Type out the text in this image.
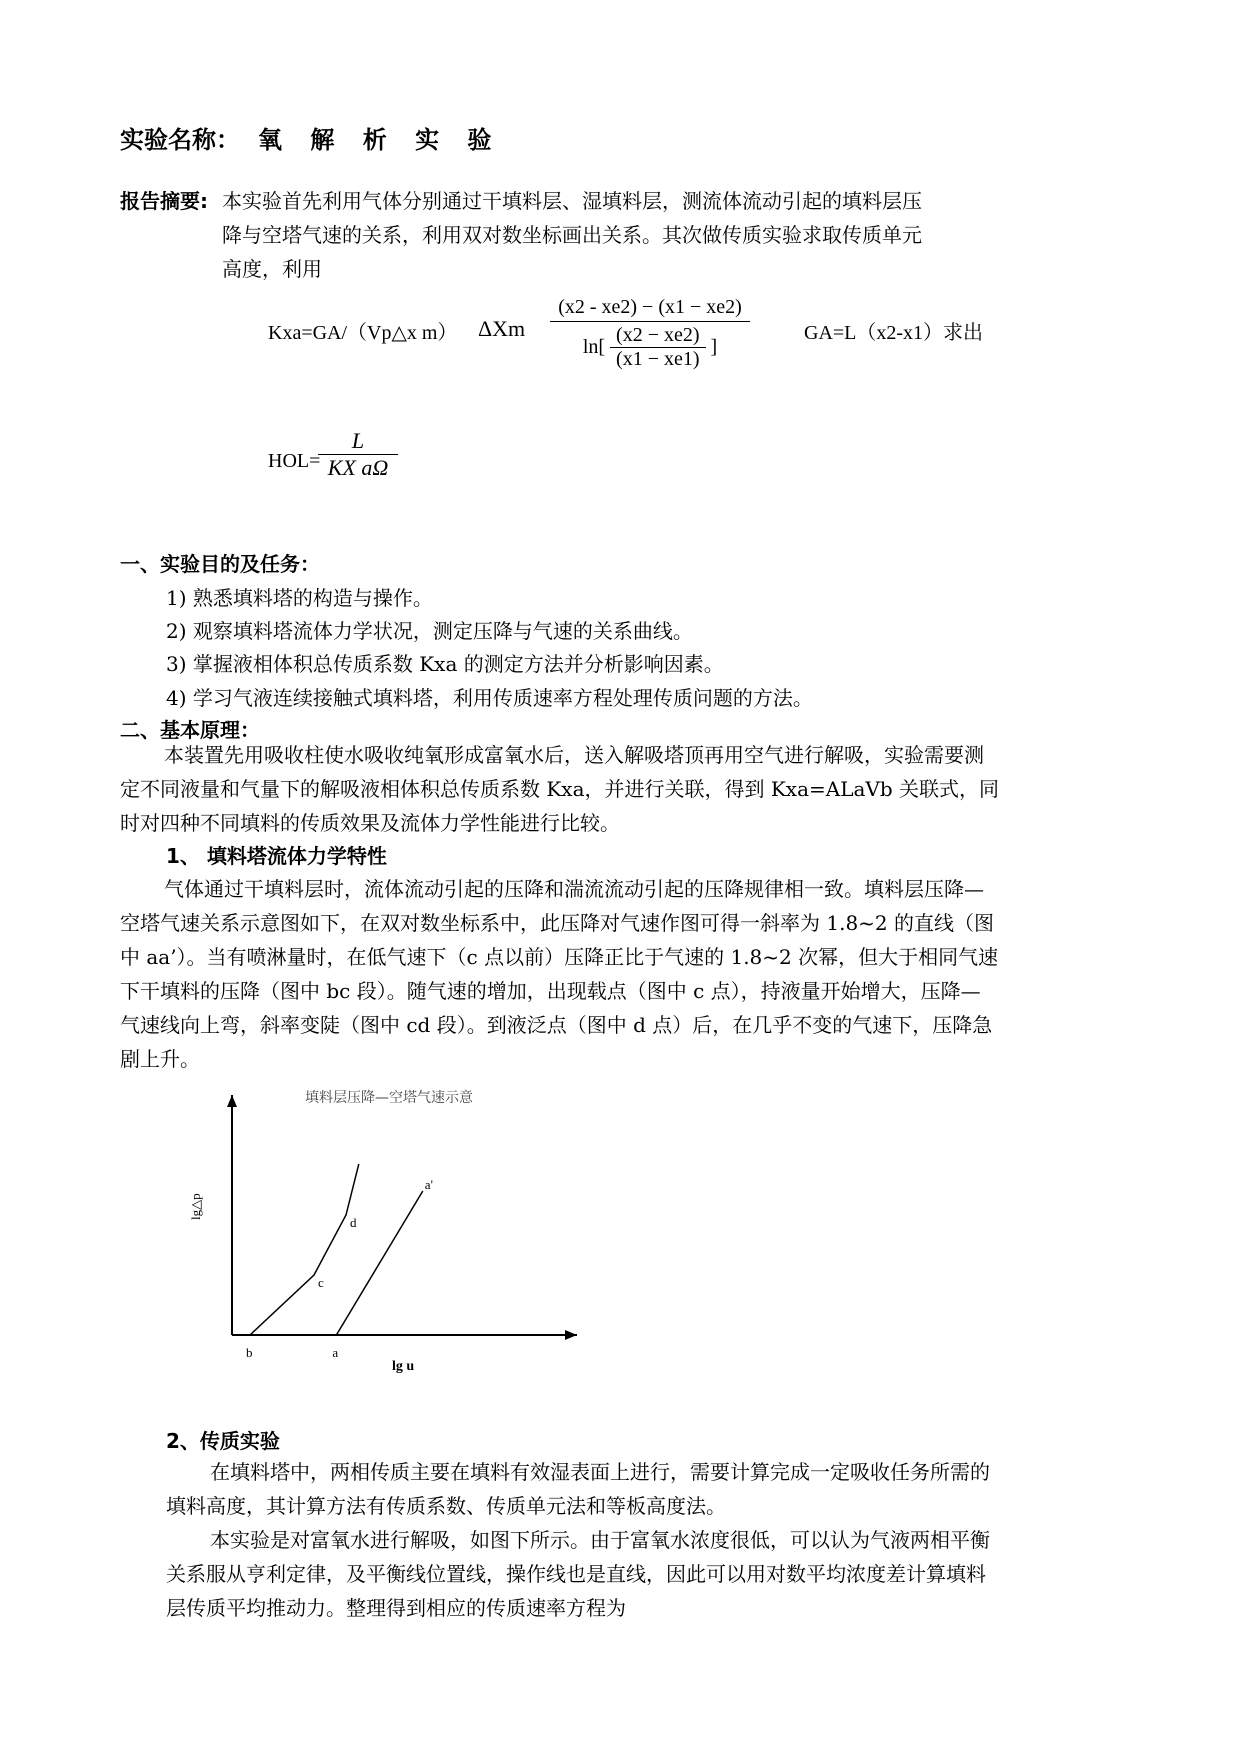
实验名称： 氧 解 析 实 验
报告摘要: 本实验首先利用气体分别通过干填料层、湿填料层，测流体流动引起的填料层压
降与空塔气速的关系，利用双对数坐标画出关系。其次做传质实验求取传质单元
高度，利用
Kxa=GA/（Vp△x m） ΔXm
(x2 - xe2) − (x1 − xe2)
$\ln[ \frac{(x2 - xe2)}{(x1 - xe1)}$ ]
GA=L（x2-x1）求出
HOL=
$\frac{L}{\text{KX aΩ}}$
一、实验目的及任务：
1) 熟悉填料塔的构造与操作。
2) 观察填料塔流体力学状况，测定压降与气速的关系曲线。
3) 掌握液相体积总传质系数 Kxa 的测定方法并分析影响因素。
4) 学习气液连续接触式填料塔，利用传质速率方程处理传质问题的方法。
二、基本原理：
本装置先用吸收柱使水吸收纯氧形成富氧水后，送入解吸塔顶再用空气进行解吸，实验需要测定不同液量和气量下的解吸液相体积总传质系数 Kxa，并进行关联，得到 Kxa=ALaVb 关联式，同时对四种不同填料的传质效果及流体力学性能进行比较。
1、 填料塔流体力学特性
气体通过干填料层时，流体流动引起的压降和湍流流动引起的压降规律相一致。填料层压降—空塔气速关系示意图如下，在双对数坐标系中，此压降对气速作图可得一斜率为 1.8~2 的直线（图中 aa’）。当有喷淋量时，在低气速下（c 点以前）压降正比于气速的 1.8~2 次幂，但大于相同气速下干填料的压降（图中 bc 段）。随气速的增加，出现载点（图中 c 点），持液量开始增大，压降—气速线向上弯，斜率变陡（图中 cd 段）。到液泛点（图中 d 点）后，在几乎不变的气速下，压降急剧上升。
填料层压降—空塔气速示意
lg u
lg△p
b
c
d
a
a'
2、传质实验
在填料塔中，两相传质主要在填料有效湿表面上进行，需要计算完成一定吸收任务所需的填料高度，其计算方法有传质系数、传质单元法和等板高度法。
本实验是对富氧水进行解吸，如图下所示。由于富氧水浓度很低，可以认为气液两相平衡关系服从亨利定律，及平衡线位置线，操作线也是直线，因此可以用对数平均浓度差计算填料层传质平均推动力。整理得到相应的传质速率方程为
